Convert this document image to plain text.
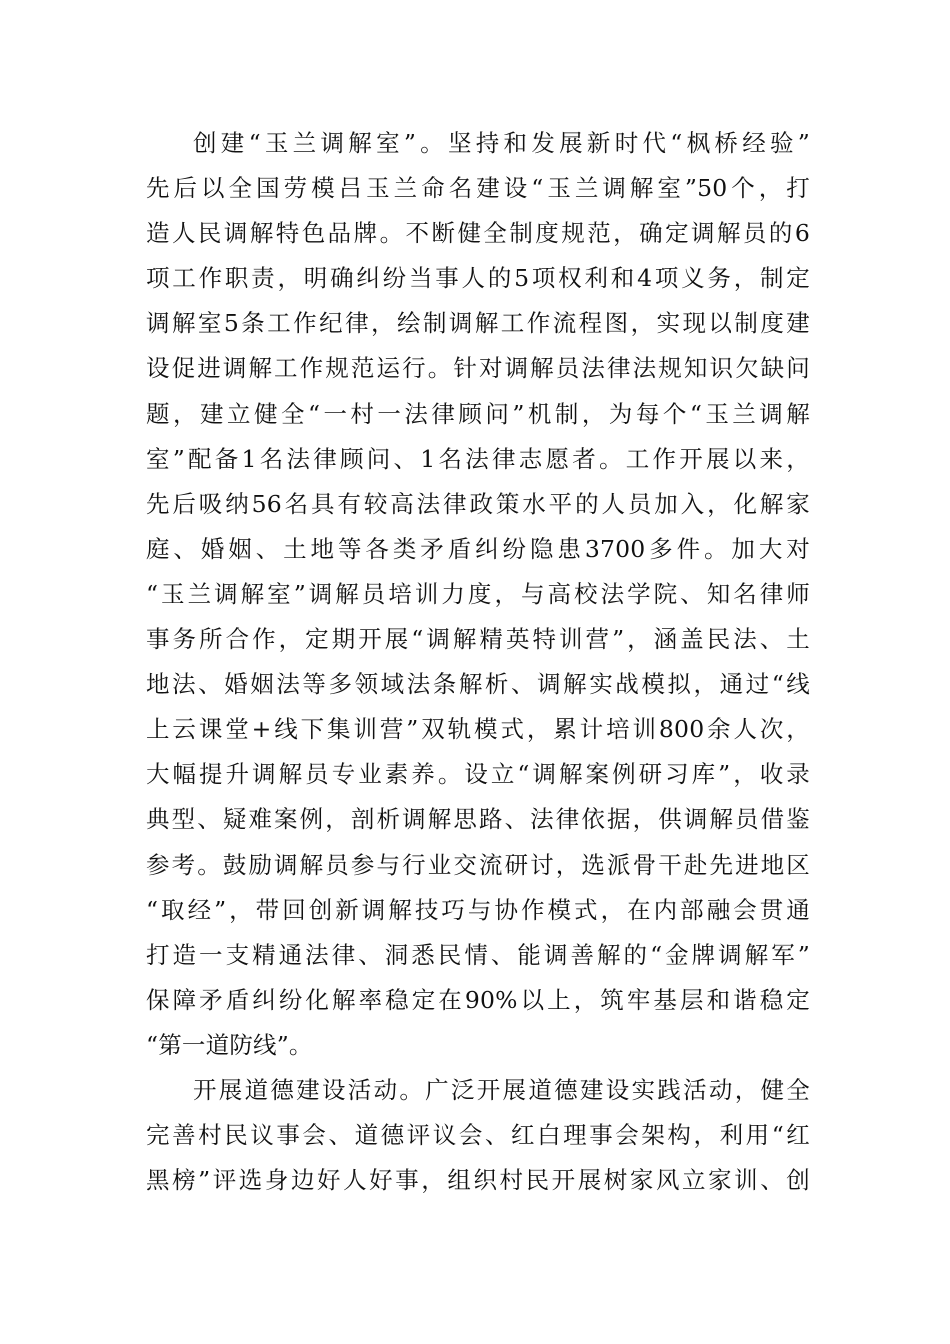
创建“玉兰调解室”。坚持和发展新时代“枫桥经验”
先后以全国劳模吕玉兰命名建设“玉兰调解室”50个，打
造人民调解特色品牌。不断健全制度规范，确定调解员的6
项工作职责，明确纠纷当事人的5项权利和4项义务，制定
调解室5条工作纪律，绘制调解工作流程图，实现以制度建
设促进调解工作规范运行。针对调解员法律法规知识欠缺问
题，建立健全“一村一法律顾问”机制，为每个“玉兰调解
室”配备1名法律顾问、1名法律志愿者。工作开展以来，
先后吸纳56名具有较高法律政策水平的人员加入，化解家
庭、婚姻、土地等各类矛盾纠纷隐患3700多件。加大对
“玉兰调解室”调解员培训力度，与高校法学院、知名律师
事务所合作，定期开展“调解精英特训营”，涵盖民法、土
地法、婚姻法等多领域法条解析、调解实战模拟，通过“线
上云课堂+线下集训营”双轨模式，累计培训800余人次，
大幅提升调解员专业素养。设立“调解案例研习库”，收录
典型、疑难案例，剖析调解思路、法律依据，供调解员借鉴
参考。鼓励调解员参与行业交流研讨，选派骨干赴先进地区
“取经”，带回创新调解技巧与协作模式，在内部融会贯通
打造一支精通法律、洞悉民情、能调善解的“金牌调解军”
保障矛盾纠纷化解率稳定在90%以上，筑牢基层和谐稳定
“第一道防线”。
开展道德建设活动。广泛开展道德建设实践活动，健全
完善村民议事会、道德评议会、红白理事会架构，利用“红
黑榜”评选身边好人好事，组织村民开展树家风立家训、创
